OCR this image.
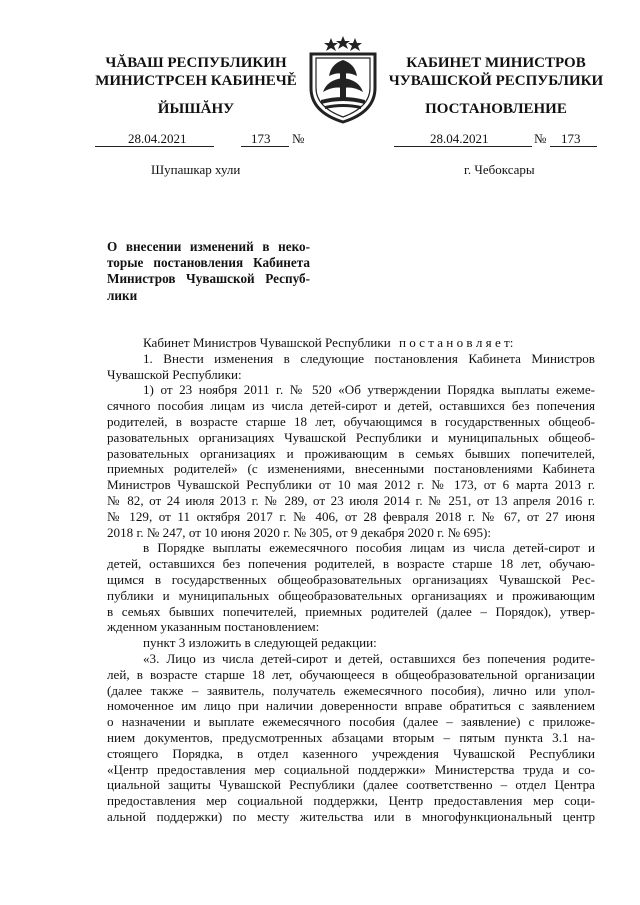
ЧĂВАШ РЕСПУБЛИКИН
МИНИСТРСЕН КАБИНЕЧĚ
ЙЫШĂНУ
КАБИНЕТ МИНИСТРОВ
ЧУВАШСКОЙ РЕСПУБЛИКИ
ПОСТАНОВЛЕНИЕ
28.04.2021	173 №	28.04.2021	№ 173
Шупашкар хули	г. Чебоксары
О внесении изменений в неко-
торые постановления Кабинета
Министров Чувашской Респуб-
лики

Кабинет Министров Чувашской Республики п о с т а н о в л я е т:

1. Внести изменения в следующие постановления Кабинета Министров
Чувашской Республики:
1) от 23 ноября 2011 г. № 520 «Об утверждении Порядка выплаты ежеме-
сячного пособия лицам из числа детей-сирот и детей, оставшихся без попечения
родителей, в возрасте старше 18 лет, обучающимся в государственных общеоб-
разовательных организациях Чувашской Республики и муниципальных общеоб-
разовательных организациях и проживающим в семьях бывших попечителей,
приемных родителей» (с изменениями, внесенными постановлениями Кабинета
Министров Чувашской Республики от 10 мая 2012 г. № 173, от 6 марта 2013 г.
№ 82, от 24 июля 2013 г. № 289, от 23 июля 2014 г. № 251, от 13 апреля 2016 г.
№ 129, от 11 октября 2017 г. № 406, от 28 февраля 2018 г. № 67, от 27 июня
2018 г. № 247, от 10 июня 2020 г. № 305, от 9 декабря 2020 г. № 695):
в Порядке выплаты ежемесячного пособия лицам из числа детей-сирот и
детей, оставшихся без попечения родителей, в возрасте старше 18 лет, обучаю-
щимся в государственных общеобразовательных организациях Чувашской Рес-
публики и муниципальных общеобразовательных организациях и проживающим
в семьях бывших попечителей, приемных родителей (далее – Порядок), утвер-
жденном указанным постановлением:
пункт 3 изложить в следующей редакции:
«3. Лицо из числа детей-сирот и детей, оставшихся без попечения родите-
лей, в возрасте старше 18 лет, обучающееся в общеобразовательной организации
(далее также – заявитель, получатель ежемесячного пособия), лично или упол-
номоченное им лицо при наличии доверенности вправе обратиться с заявлением
о назначении и выплате ежемесячного пособия (далее – заявление) с приложе-
нием документов, предусмотренных абзацами вторым – пятым пункта 3.1 на-
стоящего Порядка, в отдел казенного учреждения Чувашской Республики
«Центр предоставления мер социальной поддержки» Министерства труда и со-
циальной защиты Чувашской Республики (далее соответственно – отдел Центра
предоставления мер социальной поддержки, Центр предоставления мер соци-
альной поддержки) по месту жительства или в многофункциональный центр
